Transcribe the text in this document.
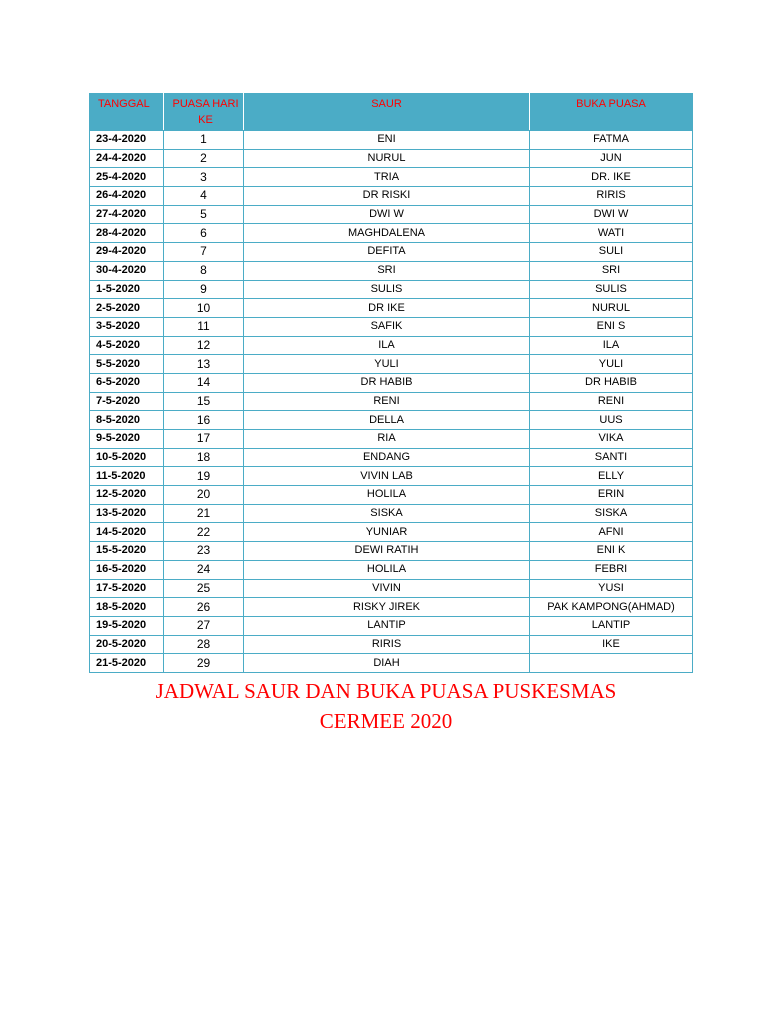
TANGGAL	PUASA HARI KE	SAUR	BUKA PUASA

23-4-2020	1	ENI	FATMA
24-4-2020	2	NURUL	JUN
25-4-2020	3	TRIA	DR. IKE
26-4-2020	4	DR RISKI	RIRIS
27-4-2020	5	DWI W	DWI W
28-4-2020	6	MAGHDALENA	WATI
29-4-2020	7	DEFITA	SULI
30-4-2020	8	SRI	SRI
1-5-2020	9	SULIS	SULIS
2-5-2020	10	DR IKE	NURUL
3-5-2020	11	SAFIK	ENI S
4-5-2020	12	ILA	ILA
5-5-2020	13	YULI	YULI
6-5-2020	14	DR HABIB	DR HABIB
7-5-2020	15	RENI	RENI
8-5-2020	16	DELLA	UUS
9-5-2020	17	RIA	VIKA
10-5-2020	18	ENDANG	SANTI
11-5-2020	19	VIVIN LAB	ELLY
12-5-2020	20	HOLILA	ERIN
13-5-2020	21	SISKA	SISKA
14-5-2020	22	YUNIAR	AFNI
15-5-2020	23	DEWI RATIH	ENI K
16-5-2020	24	HOLILA	FEBRI
17-5-2020	25	VIVIN	YUSI
18-5-2020	26	RISKY JIREK	PAK KAMPONG(AHMAD)
19-5-2020	27	LANTIP	LANTIP
20-5-2020	28	RIRIS	IKE
21-5-2020	29	DIAH	
JADWAL SAUR DAN BUKA PUASA PUSKESMAS
CERMEE 2020
